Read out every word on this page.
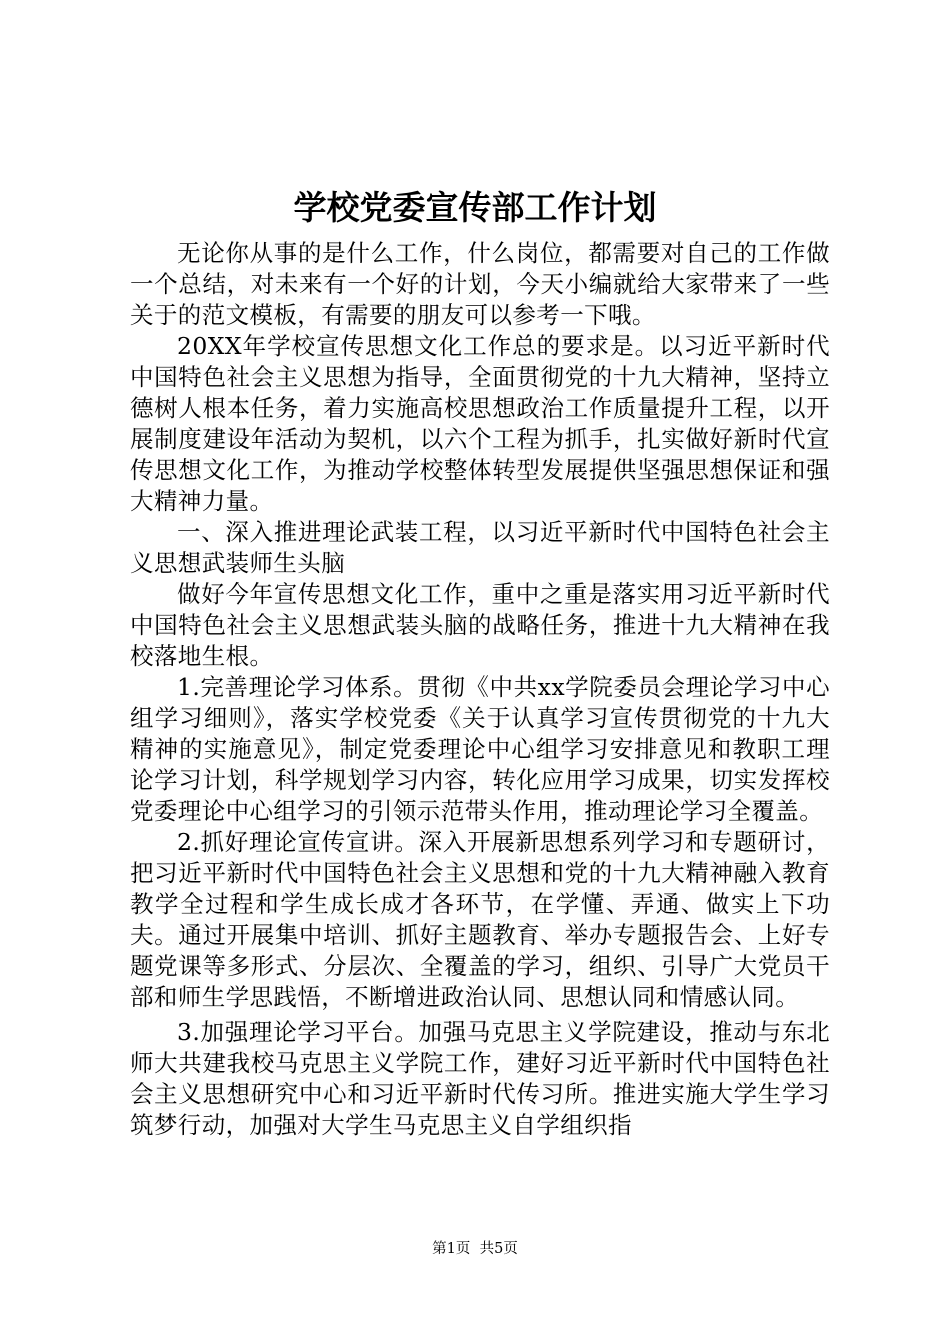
学校党委宣传部工作计划

无论你从事的是什么工作，什么岗位，都需要对自己的工作做一个总结，对未来有一个好的计划，今天小编就给大家带来了一些关于的范文模板，有需要的朋友可以参考一下哦。

20XX年学校宣传思想文化工作总的要求是。以习近平新时代中国特色社会主义思想为指导，全面贯彻党的十九大精神，坚持立德树人根本任务，着力实施高校思想政治工作质量提升工程，以开展制度建设年活动为契机，以六个工程为抓手，扎实做好新时代宣传思想文化工作，为推动学校整体转型发展提供坚强思想保证和强大精神力量。

一、深入推进理论武装工程，以习近平新时代中国特色社会主义思想武装师生头脑

做好今年宣传思想文化工作，重中之重是落实用习近平新时代中国特色社会主义思想武装头脑的战略任务，推进十九大精神在我校落地生根。

1.完善理论学习体系。贯彻《中共xx学院委员会理论学习中心组学习细则》，落实学校党委《关于认真学习宣传贯彻党的十九大精神的实施意见》，制定党委理论中心组学习安排意见和教职工理论学习计划，科学规划学习内容，转化应用学习成果，切实发挥校党委理论中心组学习的引领示范带头作用，推动理论学习全覆盖。

2.抓好理论宣传宣讲。深入开展新思想系列学习和专题研讨，把习近平新时代中国特色社会主义思想和党的十九大精神融入教育教学全过程和学生成长成才各环节，在学懂、弄通、做实上下功夫。通过开展集中培训、抓好主题教育、举办专题报告会、上好专题党课等多形式、分层次、全覆盖的学习，组织、引导广大党员干部和师生学思践悟，不断增进政治认同、思想认同和情感认同。

3.加强理论学习平台。加强马克思主义学院建设，推动与东北师大共建我校马克思主义学院工作，建好习近平新时代中国特色社会主义思想研究中心和习近平新时代传习所。推进实施大学生学习筑梦行动，加强对大学生马克思主义自学组织指

第1页 共5页
